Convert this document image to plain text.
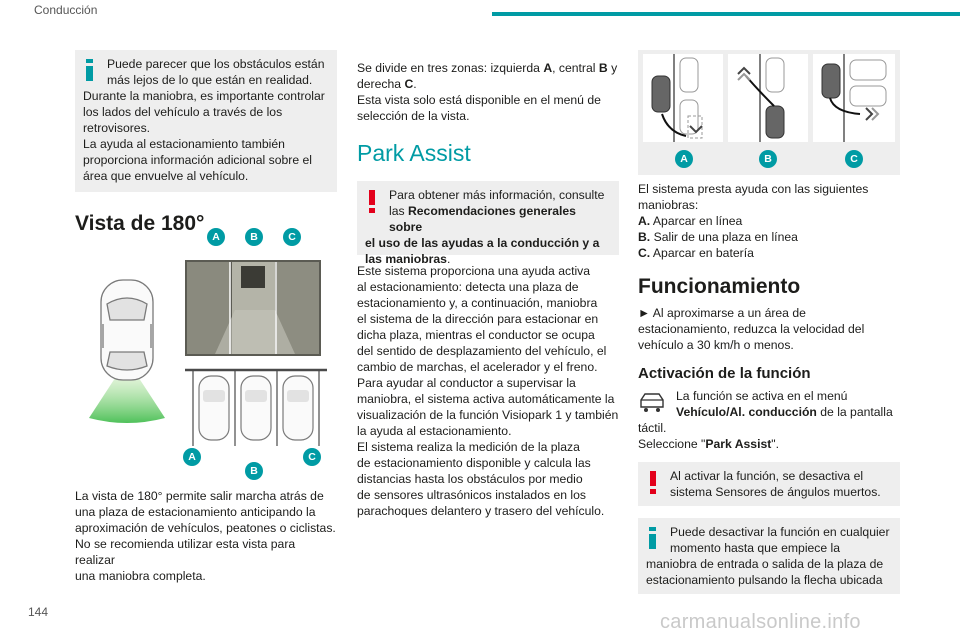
Conducción
Puede parecer que los obstáculos están
más lejos de lo que están en realidad.
Durante la maniobra, es importante controlar
los lados del vehículo a través de los
retrovisores.
La ayuda al estacionamiento también
proporciona información adicional sobre el
área que envuelve al vehículo.
Vista de 180°
A	B	C
A
B
C
La vista de 180° permite salir marcha atrás de
una plaza de estacionamiento anticipando la
aproximación de vehículos, peatones o ciclistas.
No se recomienda utilizar esta vista para realizar
una maniobra completa.
Se divide en tres zonas: izquierda A, central B y
derecha C.
Esta vista solo está disponible en el menú de
selección de la vista.
Park Assist
Para obtener más información, consulte
las Recomendaciones generales sobre
el uso de las ayudas a la conducción y a
las maniobras.
Este sistema proporciona una ayuda activa
al estacionamiento: detecta una plaza de
estacionamiento y, a continuación, maniobra
el sistema de la dirección para estacionar en
dicha plaza, mientras el conductor se ocupa
del sentido de desplazamiento del vehículo, el
cambio de marchas, el acelerador y el freno.
Para ayudar al conductor a supervisar la
maniobra, el sistema activa automáticamente la
visualización de la función Visiopark 1 y también
la ayuda al estacionamiento.
El sistema realiza la medición de la plaza
de estacionamiento disponible y calcula las
distancias hasta los obstáculos por medio
de sensores ultrasónicos instalados en los
parachoques delantero y trasero del vehículo.
A	B	C
El sistema presta ayuda con las siguientes
maniobras:
A. Aparcar en línea
B. Salir de una plaza en línea
C. Aparcar en batería
Funcionamiento
► Al aproximarse a un área de
estacionamiento, reduzca la velocidad del
vehículo a 30 km/h o menos.
Activación de la función
La función se activa en el menú
Vehículo/Al. conducción de la pantalla
táctil.
Seleccione "Park Assist".
Al activar la función, se desactiva el
sistema Sensores de ángulos muertos.
Puede desactivar la función en cualquier
momento hasta que empiece la
maniobra de entrada o salida de la plaza de
estacionamiento pulsando la flecha ubicada
144	carmanualsonline.info
